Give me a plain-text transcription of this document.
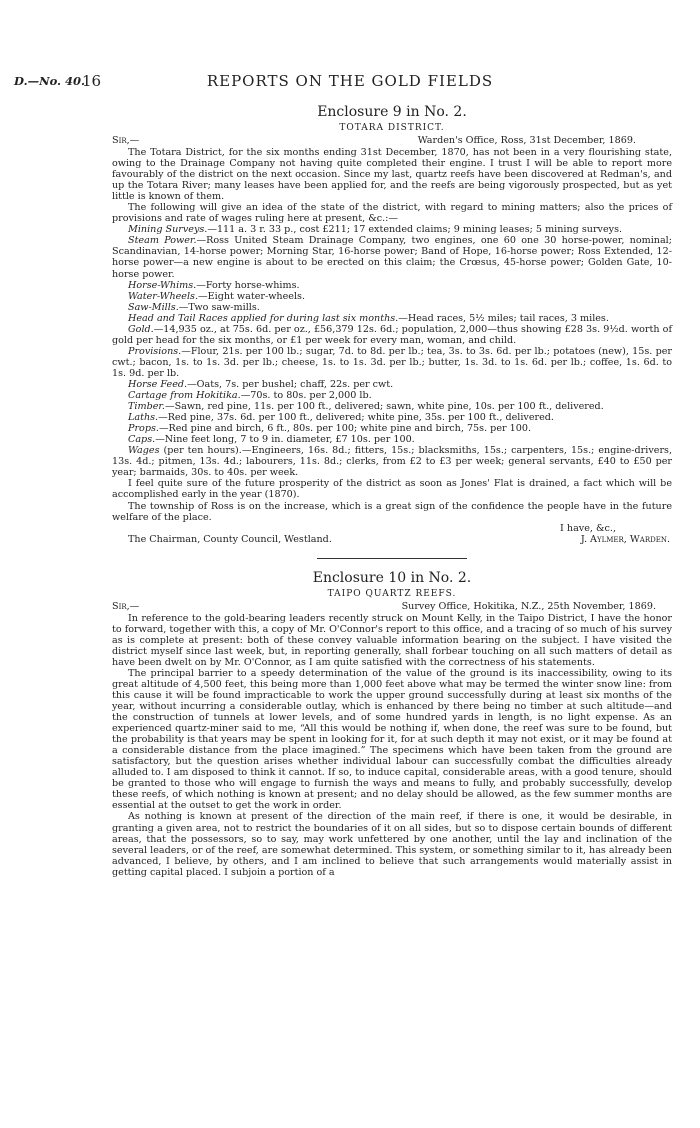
D.—No. 40.
16	REPORTS ON THE GOLD FIELDS
Enclosure 9 in No. 2.
TOTARA DISTRICT.
Sir,—	Warden's Office, Ross, 31st December, 1869.

The Totara District, for the six months ending 31st December, 1870, has not been in a very flourishing state, owing to the Drainage Company not having quite completed their engine. I trust I will be able to report more favourably of the district on the next occasion. Since my last, quartz reefs have been discovered at Redman's, and up the Totara River; many leases have been applied for, and the reefs are being vigorously prospected, but as yet little is known of them.

The following will give an idea of the state of the district, with regard to mining matters; also the prices of provisions and rate of wages ruling here at present, &c.:—

Mining Surveys.—111 a. 3 r. 33 p., cost £211; 17 extended claims; 9 mining leases; 5 mining surveys.

Steam Power.—Ross United Steam Drainage Company, two engines, one 60 one 30 horse-power, nominal; Scandinavian, 14-horse power; Morning Star, 16-horse power; Band of Hope, 16-horse power; Ross Extended, 12-horse power—a new engine is about to be erected on this claim; the Crœsus, 45-horse power; Golden Gate, 10-horse power.

Horse-Whims.—Forty horse-whims.

Water-Wheels.—Eight water-wheels.

Saw-Mills.—Two saw-mills.

Head and Tail Races applied for during last six months.—Head races, 5½ miles; tail races, 3 miles.

Gold.—14,935 oz., at 75s. 6d. per oz., £56,379 12s. 6d.; population, 2,000—thus showing £28 3s. 9½d. worth of gold per head for the six months, or £1 per week for every man, woman, and child.

Provisions.—Flour, 21s. per 100 lb.; sugar, 7d. to 8d. per lb.; tea, 3s. to 3s. 6d. per lb.; potatoes (new), 15s. per cwt.; bacon, 1s. to 1s. 3d. per lb.; cheese, 1s. to 1s. 3d. per lb.; butter, 1s. 3d. to 1s. 6d. per lb.; coffee, 1s. 6d. to 1s. 9d. per lb.

Horse Feed.—Oats, 7s. per bushel; chaff, 22s. per cwt.

Cartage from Hokitika.—70s. to 80s. per 2,000 lb.

Timber.—Sawn, red pine, 11s. per 100 ft., delivered; sawn, white pine, 10s. per 100 ft., delivered.

Laths.—Red pine, 37s. 6d. per 100 ft., delivered; white pine, 35s. per 100 ft., delivered.

Props.—Red pine and birch, 6 ft., 80s. per 100; white pine and birch, 75s. per 100.

Caps.—Nine feet long, 7 to 9 in. diameter, £7 10s. per 100.

Wages (per ten hours).—Engineers, 16s. 8d.; fitters, 15s.; blacksmiths, 15s.; carpenters, 15s.; engine-drivers, 13s. 4d.; pitmen, 13s. 4d.; labourers, 11s. 8d.; clerks, from £2 to £3 per week; general servants, £40 to £50 per year; barmaids, 30s. to 40s. per week.

I feel quite sure of the future prosperity of the district as soon as Jones' Flat is drained, a fact which will be accomplished early in the year (1870).

The township of Ross is on the increase, which is a great sign of the confidence the people have in the future welfare of the place.

I have, &c.,

The Chairman, County Council, Westland.	J. Aylmer, Warden.
Enclosure 10 in No. 2.
TAIPO QUARTZ REEFS.
Sir,—	Survey Office, Hokitika, N.Z., 25th November, 1869.

In reference to the gold-bearing leaders recently struck on Mount Kelly, in the Taipo District, I have the honor to forward, together with this, a copy of Mr. O'Connor's report to this office, and a tracing of so much of his survey as is complete at present: both of these convey valuable information bearing on the subject. I have visited the district myself since last week, but, in reporting generally, shall forbear touching on all such matters of detail as have been dwelt on by Mr. O'Connor, as I am quite satisfied with the correctness of his statements.

The principal barrier to a speedy determination of the value of the ground is its inaccessibility, owing to its great altitude of 4,500 feet, this being more than 1,000 feet above what may be termed the winter snow line: from this cause it will be found impracticable to work the upper ground successfully during at least six months of the year, without incurring a considerable outlay, which is enhanced by there being no timber at such altitude—and the construction of tunnels at lower levels, and of some hundred yards in length, is no light expense. As an experienced quartz-miner said to me, “All this would be nothing if, when done, the reef was sure to be found, but the probability is that years may be spent in looking for it, for at such depth it may not exist, or it may be found at a considerable distance from the place imagined.” The specimens which have been taken from the ground are satisfactory, but the question arises whether individual labour can successfully combat the difficulties already alluded to. I am disposed to think it cannot. If so, to induce capital, considerable areas, with a good tenure, should be granted to those who will engage to furnish the ways and means to fully, and probably successfully, develop these reefs, of which nothing is known at present; and no delay should be allowed, as the few summer months are essential at the outset to get the work in order.

As nothing is known at present of the direction of the main reef, if there is one, it would be desirable, in granting a given area, not to restrict the boundaries of it on all sides, but so to dispose certain bounds of different areas, that the possessors, so to say, may work unfettered by one another, until the lay and inclination of the several leaders, or of the reef, are somewhat determined. This system, or something similar to it, has already been advanced, I believe, by others, and I am inclined to believe that such arrangements would materially assist in getting capital placed. I subjoin a portion of a
